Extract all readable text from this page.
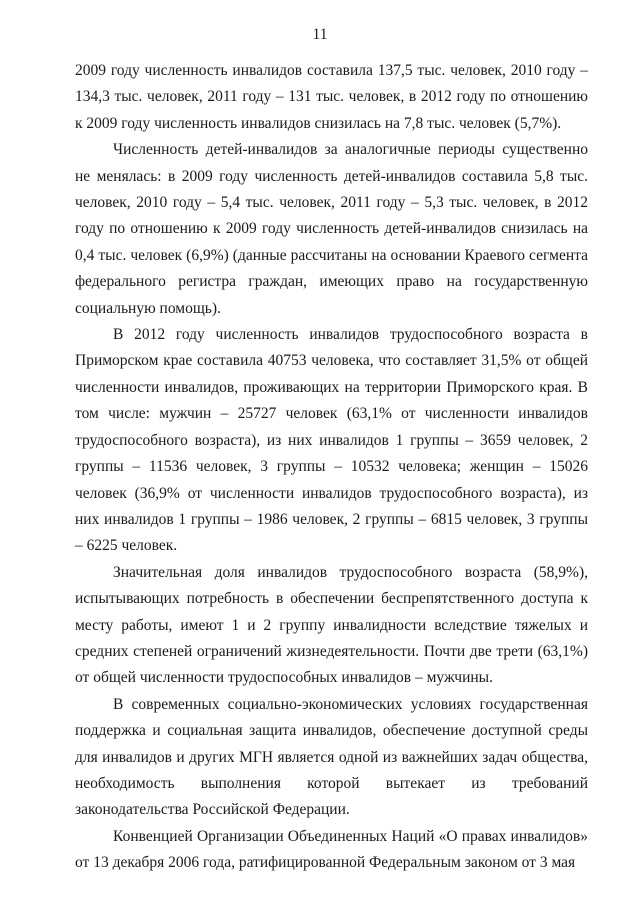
11

2009 году численность инвалидов составила 137,5 тыс. человек, 2010 году – 134,3 тыс. человек, 2011 году – 131 тыс. человек, в 2012 году по отношению к 2009 году численность инвалидов снизилась на 7,8 тыс. человек (5,7%).

Численность детей-инвалидов за аналогичные периоды существенно не менялась: в 2009 году численность детей-инвалидов составила 5,8 тыс. человек, 2010 году – 5,4 тыс. человек, 2011 году – 5,3 тыс. человек, в 2012 году по отношению к 2009 году численность детей-инвалидов снизилась на 0,4 тыс. человек (6,9%) (данные рассчитаны на основании Краевого сегмента федерального регистра граждан, имеющих право на государственную социальную помощь).

В 2012 году численность инвалидов трудоспособного возраста в Приморском крае составила 40753 человека, что составляет 31,5% от общей численности инвалидов, проживающих на территории Приморского края. В том числе: мужчин – 25727 человек (63,1% от численности инвалидов трудоспособного возраста), из них инвалидов 1 группы – 3659 человек, 2 группы – 11536 человек, 3 группы – 10532 человека; женщин – 15026 человек (36,9% от численности инвалидов трудоспособного возраста), из них инвалидов 1 группы – 1986 человек, 2 группы – 6815 человек, 3 группы – 6225 человек.

Значительная доля инвалидов трудоспособного возраста (58,9%), испытывающих потребность в обеспечении беспрепятственного доступа к месту работы, имеют 1 и 2 группу инвалидности вследствие тяжелых и средних степеней ограничений жизнедеятельности. Почти две трети (63,1%) от общей численности трудоспособных инвалидов – мужчины.

В современных социально-экономических условиях государственная поддержка и социальная защита инвалидов, обеспечение доступной среды для инвалидов и других МГН является одной из важнейших задач общества, необходимость выполнения которой вытекает из требований законодательства Российской Федерации.

Конвенцией Организации Объединенных Наций «О правах инвалидов» от 13 декабря 2006 года, ратифицированной Федеральным законом от 3 мая
